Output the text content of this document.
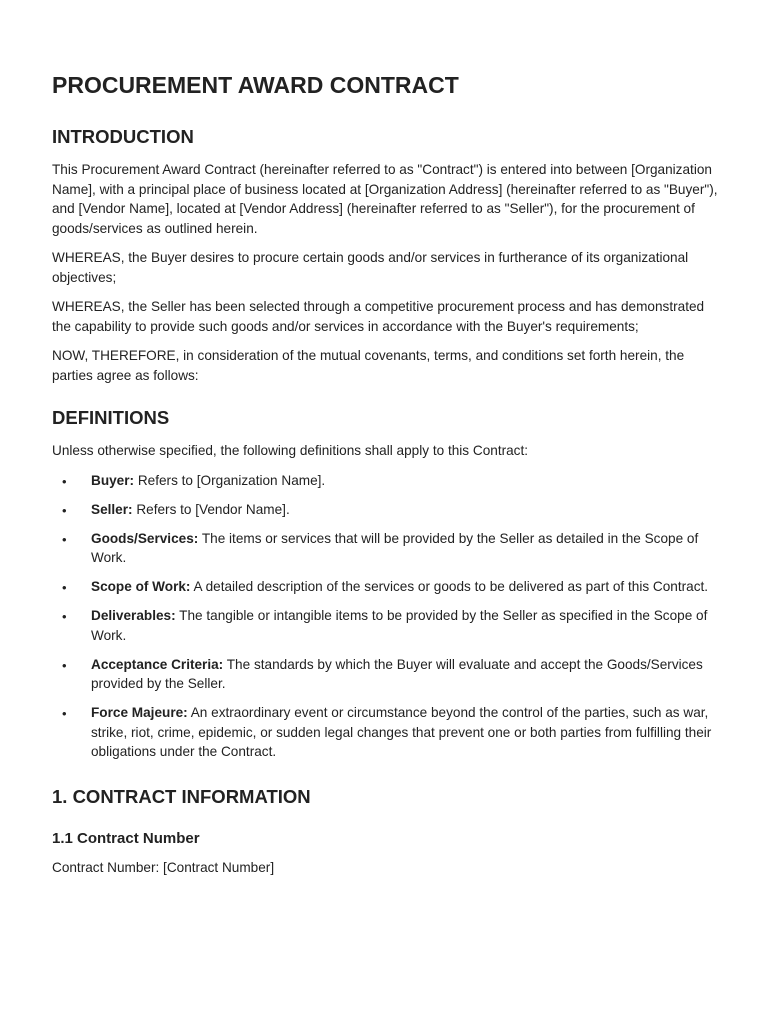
PROCUREMENT AWARD CONTRACT
INTRODUCTION

This Procurement Award Contract (hereinafter referred to as "Contract") is entered into between [Organization Name], with a principal place of business located at [Organization Address] (hereinafter referred to as "Buyer"), and [Vendor Name], located at [Vendor Address] (hereinafter referred to as "Seller"), for the procurement of goods/services as outlined herein.

WHEREAS, the Buyer desires to procure certain goods and/or services in furtherance of its organizational objectives;

WHEREAS, the Seller has been selected through a competitive procurement process and has demonstrated the capability to provide such goods and/or services in accordance with the Buyer's requirements;

NOW, THEREFORE, in consideration of the mutual covenants, terms, and conditions set forth herein, the parties agree as follows:

DEFINITIONS

Unless otherwise specified, the following definitions shall apply to this Contract:

• Buyer: Refers to [Organization Name].
• Seller: Refers to [Vendor Name].
• Goods/Services: The items or services that will be provided by the Seller as detailed in the Scope of Work.
• Scope of Work: A detailed description of the services or goods to be delivered as part of this Contract.
• Deliverables: The tangible or intangible items to be provided by the Seller as specified in the Scope of Work.
• Acceptance Criteria: The standards by which the Buyer will evaluate and accept the Goods/Services provided by the Seller.
• Force Majeure: An extraordinary event or circumstance beyond the control of the parties, such as war, strike, riot, crime, epidemic, or sudden legal changes that prevent one or both parties from fulfilling their obligations under the Contract.
1. CONTRACT INFORMATION
1.1 Contract Number

Contract Number: [Contract Number]
